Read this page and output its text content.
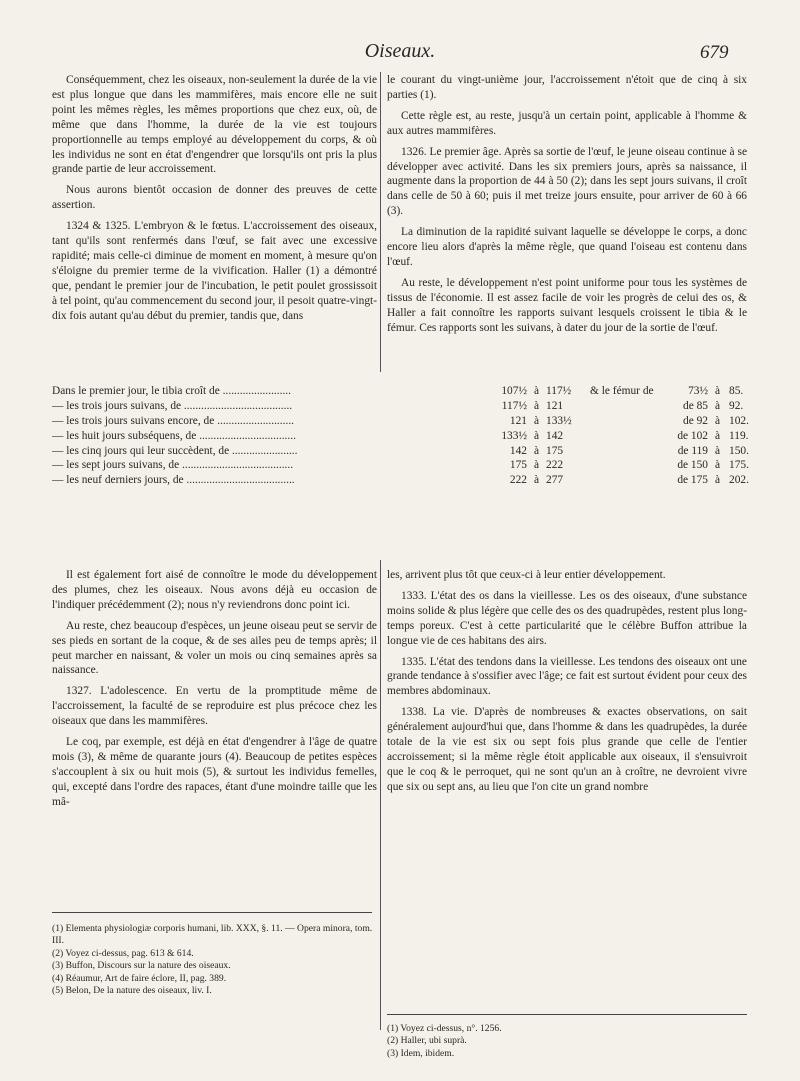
Oiseaux.	679

Conséquemment, chez les oiseaux, non-seulement la durée de la vie est plus longue que dans les mammifères, mais encore elle ne suit point les mêmes règles, les mêmes proportions que chez eux, où, de même que dans l'homme, la durée de la vie est toujours proportionnelle au temps employé au développement du corps, & où les individus ne sont en état d'engendrer que lorsqu'ils ont pris la plus grande partie de leur accroissement.

Nous aurons bientôt occasion de donner des preuves de cette assertion.

1324 & 1325. L'embryon & le fœtus. L'accroissement des oiseaux, tant qu'ils sont renfermés dans l'œuf, se fait avec une excessive rapidité; mais celle-ci diminue de moment en moment, à mesure qu'on s'éloigne du premier terme de la vivification. Haller (1) a démontré que, pendant le premier jour de l'incubation, le petit poulet grossissoit à tel point, qu'au commencement du second jour, il pesoit quatre-vingt-dix fois autant qu'au début du premier, tandis que, dans

le courant du vingt-unième jour, l'accroissement n'étoit que de cinq à six parties (1).

Cette règle est, au reste, jusqu'à un certain point, applicable à l'homme & aux autres mammifères.

1326. Le premier âge. Après sa sortie de l'œuf, le jeune oiseau continue à se développer avec activité. Dans les six premiers jours, après sa naissance, il augmente dans la proportion de 44 à 50 (2); dans les sept jours suivans, il croît dans celle de 50 à 60; puis il met treize jours ensuite, pour arriver de 60 à 66 (3).

La diminution de la rapidité suivant laquelle se développe le corps, a donc encore lieu alors d'après la même règle, que quand l'oiseau est contenu dans l'œuf.

Au reste, le développement n'est point uniforme pour tous les systèmes de tissus de l'économie. Il est assez facile de voir les progrès de celui des os, & Haller a fait connoître les rapports suivant lesquels croissent le tibia & le fémur. Ces rapports sont les suivans, à dater du jour de la sortie de l'œuf.

Dans le premier jour, le tibia croît de ........................	107½ à 117½	& le fémur de	73½ à 85.
— les trois jours suivans, de ......................................	117½ à 121	de 85 à 92.
— les trois jours suivans encore, de ...........................	121 à 133½	de 92 à 102.
— les huit jours subséquens, de ..................................	133½ à 142	de 102 à 119.
— les cinq jours qui leur succèdent, de .......................	142 à 175	de 119 à 150.
— les sept jours suivans, de .......................................	175 à 222	de 150 à 175.
— les neuf derniers jours, de ......................................	222 à 277	de 175 à 202.

Il est également fort aisé de connoître le mode du développement des plumes, chez les oiseaux. Nous avons déjà eu occasion de l'indiquer précédemment (2); nous n'y reviendrons donc point ici.

Au reste, chez beaucoup d'espèces, un jeune oiseau peut se servir de ses pieds en sortant de la coque, & de ses ailes peu de temps après; il peut marcher en naissant, & voler un mois ou cinq semaines après sa naissance.

1327. L'adolescence. En vertu de la promptitude même de l'accroissement, la faculté de se reproduire est plus précoce chez les oiseaux que dans les mammifères.

Le coq, par exemple, est déjà en état d'engendrer à l'âge de quatre mois (3), & même de quarante jours (4). Beaucoup de petites espèces s'accouplent à six ou huit mois (5), & surtout les individus femelles, qui, excepté dans l'ordre des rapaces, étant d'une moindre taille que les mâ-

les, arrivent plus tôt que ceux-ci à leur entier développement.

1333. L'état des os dans la vieillesse. Les os des oiseaux, d'une substance moins solide & plus légère que celle des os des quadrupèdes, restent plus long-temps poreux. C'est à cette particularité que le célèbre Buffon attribue la longue vie de ces habitans des airs.

1335. L'état des tendons dans la vieillesse. Les tendons des oiseaux ont une grande tendance à s'ossifier avec l'âge; ce fait est surtout évident pour ceux des membres abdominaux.

1338. La vie. D'après de nombreuses & exactes observations, on sait généralement aujourd'hui que, dans l'homme & dans les quadrupèdes, la durée totale de la vie est six ou sept fois plus grande que celle de l'entier accroissement; si la même règle étoit applicable aux oiseaux, il s'ensuivroit que le coq & le perroquet, qui ne sont qu'un an à croître, ne devroient vivre que six ou sept ans, au lieu que l'on cite un grand nombre

(1) Elementa physiologiæ corporis humani, lib. XXX, §. 11. — Opera minora, tom. III.
(2) Voyez ci-dessus, pag. 613 & 614.
(3) Buffon, Discours sur la nature des oiseaux.
(4) Réaumur, Art de faire éclore, II, pag. 389.
(5) Belon, De la nature des oiseaux, liv. I.
(1) Voyez ci-dessus, n°. 1256.
(2) Haller, ubi suprà.
(3) Idem, ibidem.
